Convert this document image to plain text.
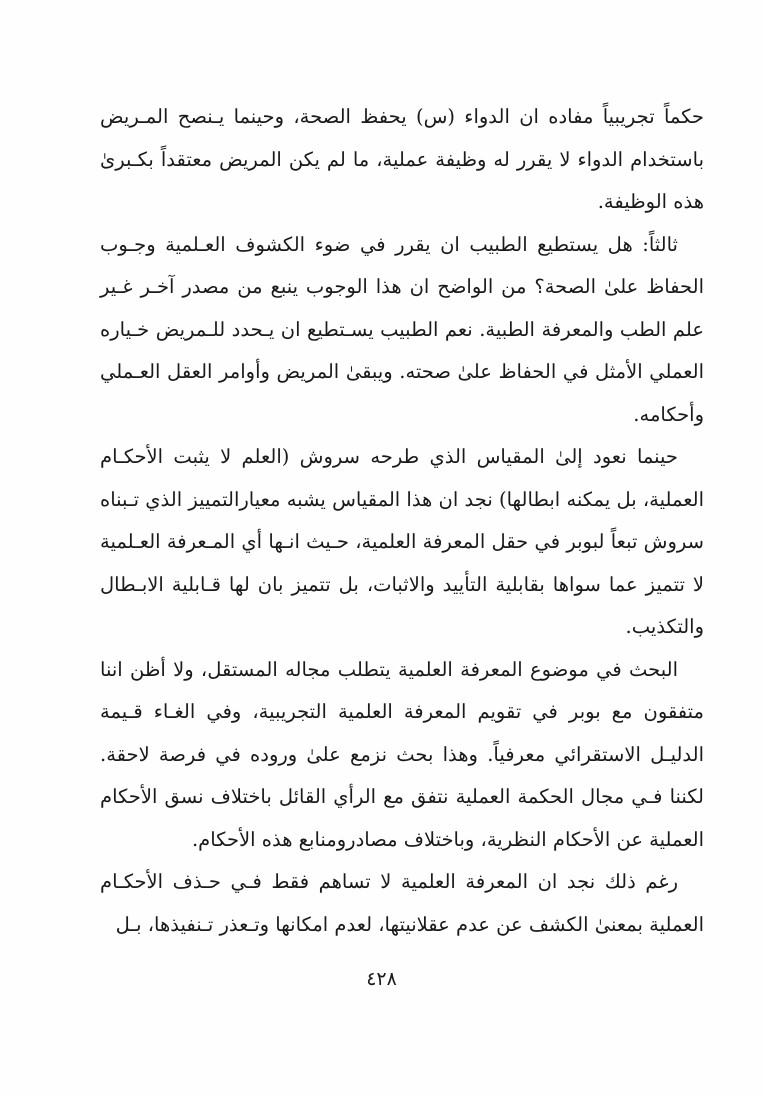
حكماً تجريبياً مفاده ان الدواء (س) يحفظ الصحة، وحينما يـنصح المـريض باستخدام الدواء لا يقرر له وظيفة عملية، ما لم يكن المريض معتقداً بكـبرىٰ هذه الوظيفة.

ثالثاً: هل يستطيع الطبيب ان يقرر في ضوء الكشوف العـلمية وجـوب الحفاظ علىٰ الصحة؟ من الواضح ان هذا الوجوب ينبع من مصدر آخـر غـير علم الطب والمعرفة الطبية. نعم الطبيب يسـتطيع ان يـحدد للـمريض خـياره العملي الأمثل في الحفاظ علىٰ صحته. ويبقىٰ المريض وأوامر العقل العـملي وأحكامه.

حينما نعود إلىٰ المقياس الذي طرحه سروش (العلم لا يثبت الأحكـام العملية، بل يمكنه ابطالها) نجد ان هذا المقياس يشبه معيارالتمييز الذي تـبناه سروش تبعاً لبوبر في حقل المعرفة العلمية، حـيث انـها أي المـعرفة العـلمية لا تتميز عما سواها بقابلية التأييد والاثبات، بل تتميز بان لها قـابلية الابـطال والتكذيب.

البحث في موضوع المعرفة العلمية يتطلب مجاله المستقل، ولا أظن اننا متفقون مع بوبر في تقويم المعرفة العلمية التجريبية، وفي الغـاء قـيمة الدليـل الاستقرائي معرفياً. وهذا بحث نزمع علىٰ وروده في فرصة لاحقة. لكننا فـي مجال الحكمة العملية نتفق مع الرأي القائل باختلاف نسق الأحكام العملية عن الأحكام النظرية، وباختلاف مصادرومنابع هذه الأحكام.

رغم ذلك نجد ان المعرفة العلمية لا تساهم فقط فـي حـذف الأحكـام العملية بمعنىٰ الكشف عن عدم عقلانيتها، لعدم امكانها وتـعذر تـنفيذها، بـل

٤٢٨
